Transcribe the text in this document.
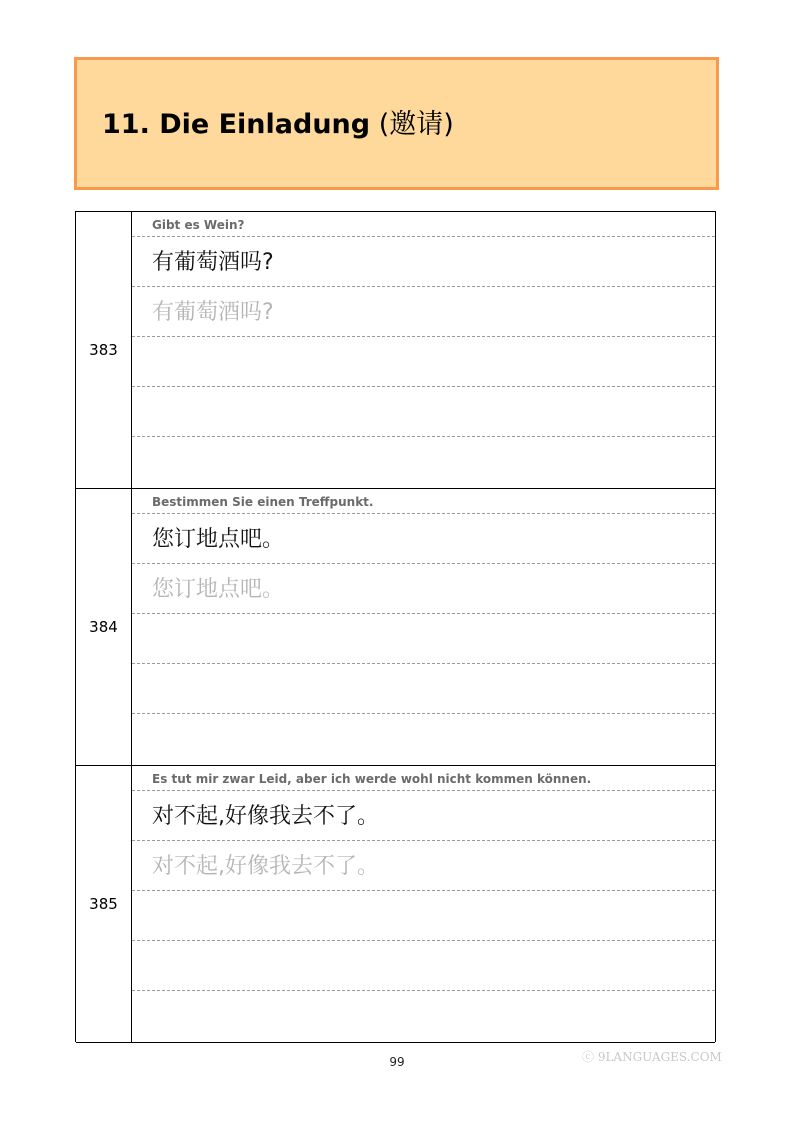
11. Die Einladung (邀请)
383
Gibt es Wein?
有葡萄酒吗?
有葡萄酒吗?
384
Bestimmen Sie einen Treffpunkt.
您订地点吧。
您订地点吧。
385
Es tut mir zwar Leid, aber ich werde wohl nicht kommen können.
对不起,好像我去不了。
对不起,好像我去不了。
99	ⓒ 9LANGUAGES.COM
